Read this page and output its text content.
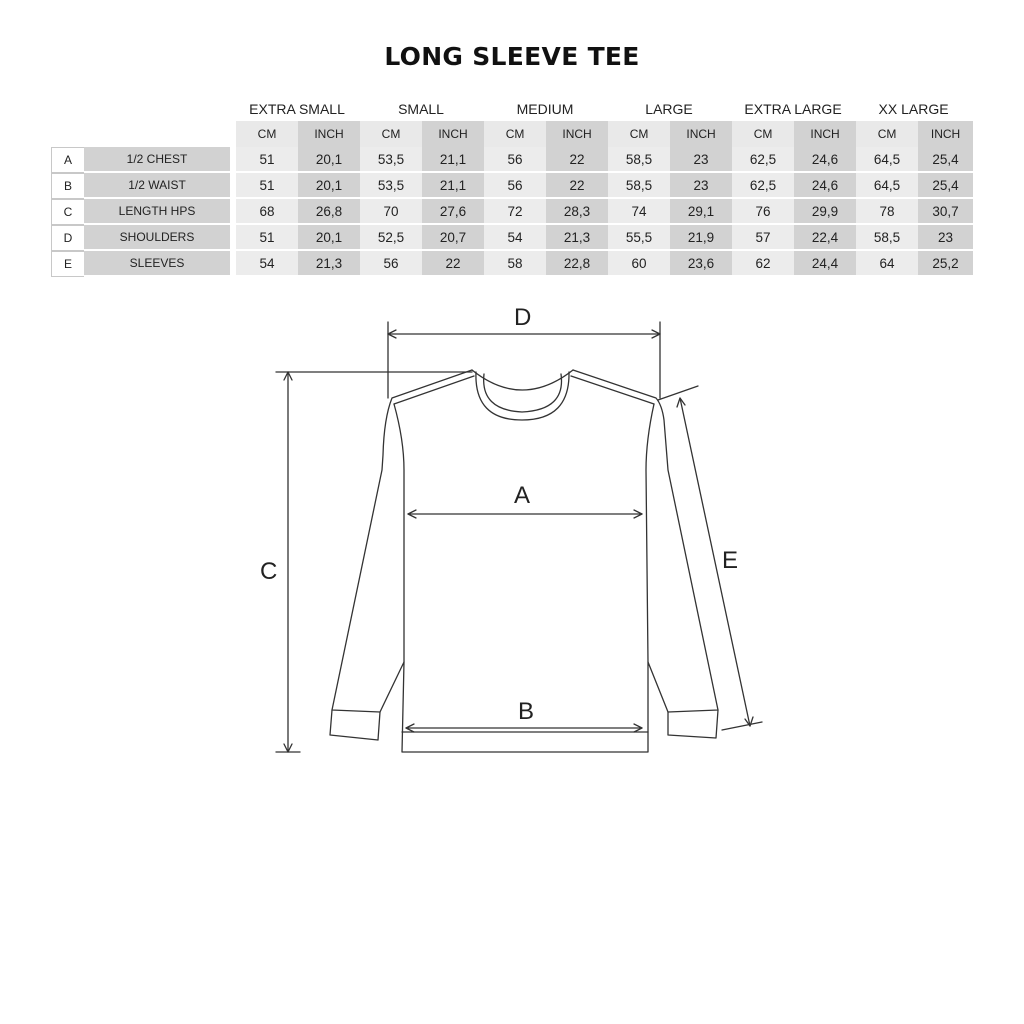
LONG SLEEVE TEE
			EXTRA SMALL		SMALL		MEDIUM		LARGE		EXTRA LARGE		XX LARGE	
			CM	INCH	CM	INCH	CM	INCH	CM	INCH	CM	INCH	CM	INCH
A	1/2 CHEST		51	20,1	53,5	21,1	56	22	58,5	23	62,5	24,6	64,5	25,4
B	1/2 WAIST		51	20,1	53,5	21,1	56	22	58,5	23	62,5	24,6	64,5	25,4
C	LENGTH HPS		68	26,8	70	27,6	72	28,3	74	29,1	76	29,9	78	30,7
D	SHOULDERS		51	20,1	52,5	20,7	54	21,3	55,5	21,9	57	22,4	58,5	23
E	SLEEVES		54	21,3	56	22	58	22,8	60	23,6	62	24,4	64	25,2
D
A
B
C	E
